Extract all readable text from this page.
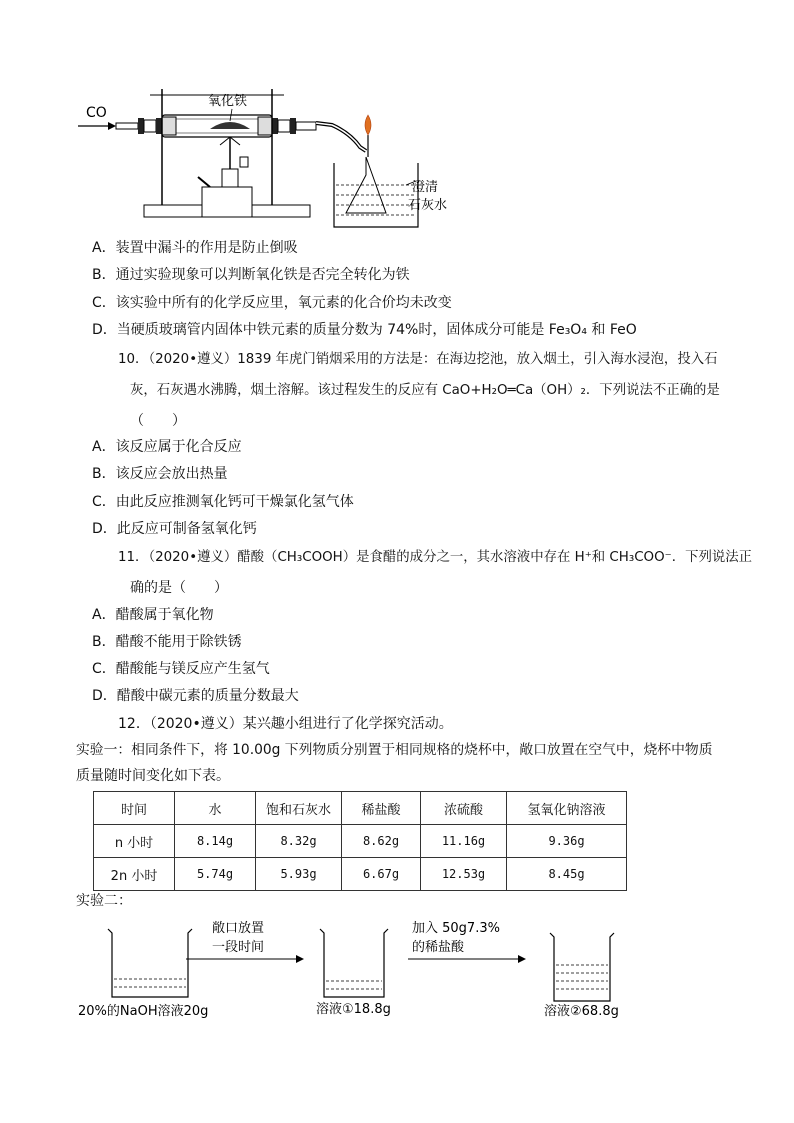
CO
氧化铁
澄清
石灰水
A．装置中漏斗的作用是防止倒吸
B．通过实验现象可以判断氧化铁是否完全转化为铁
C．该实验中所有的化学反应里，氧元素的化合价均未改变
D．当硬质玻璃管内固体中铁元素的质量分数为 74%时，固体成分可能是 Fe₃O₄ 和 FeO
10．（2020•遵义）1839 年虎门销烟采用的方法是：在海边挖池，放入烟土，引入海水浸泡，投入石
灰，石灰遇水沸腾，烟土溶解。该过程发生的反应有 CaO+H₂O═Ca（OH）₂．下列说法不正确的是
（　　）
A．该反应属于化合反应
B．该反应会放出热量
C．由此反应推测氧化钙可干燥氯化氢气体
D．此反应可制备氢氧化钙
11．（2020•遵义）醋酸（CH₃COOH）是食醋的成分之一，其水溶液中存在 H⁺和 CH₃COO⁻．下列说法正
确的是（　　）
A．醋酸属于氧化物
B．醋酸不能用于除铁锈
C．醋酸能与镁反应产生氢气
D．醋酸中碳元素的质量分数最大
12．（2020•遵义）某兴趣小组进行了化学探究活动。
实验一：相同条件下，将 10.00g 下列物质分别置于相同规格的烧杯中，敞口放置在空气中，烧杯中物质
质量随时间变化如下表。
时间	水	饱和石灰水	稀盐酸	浓硫酸	氢氧化钠溶液
n 小时	8.14g	8.32g	8.62g	11.16g	9.36g
2n 小时	5.74g	5.93g	6.67g	12.53g	8.45g
实验二：
20%的NaOH溶液20g
敞口放置
一段时间
溶液①18.8g
加入 50g7.3%
的稀盐酸
溶液②68.8g
